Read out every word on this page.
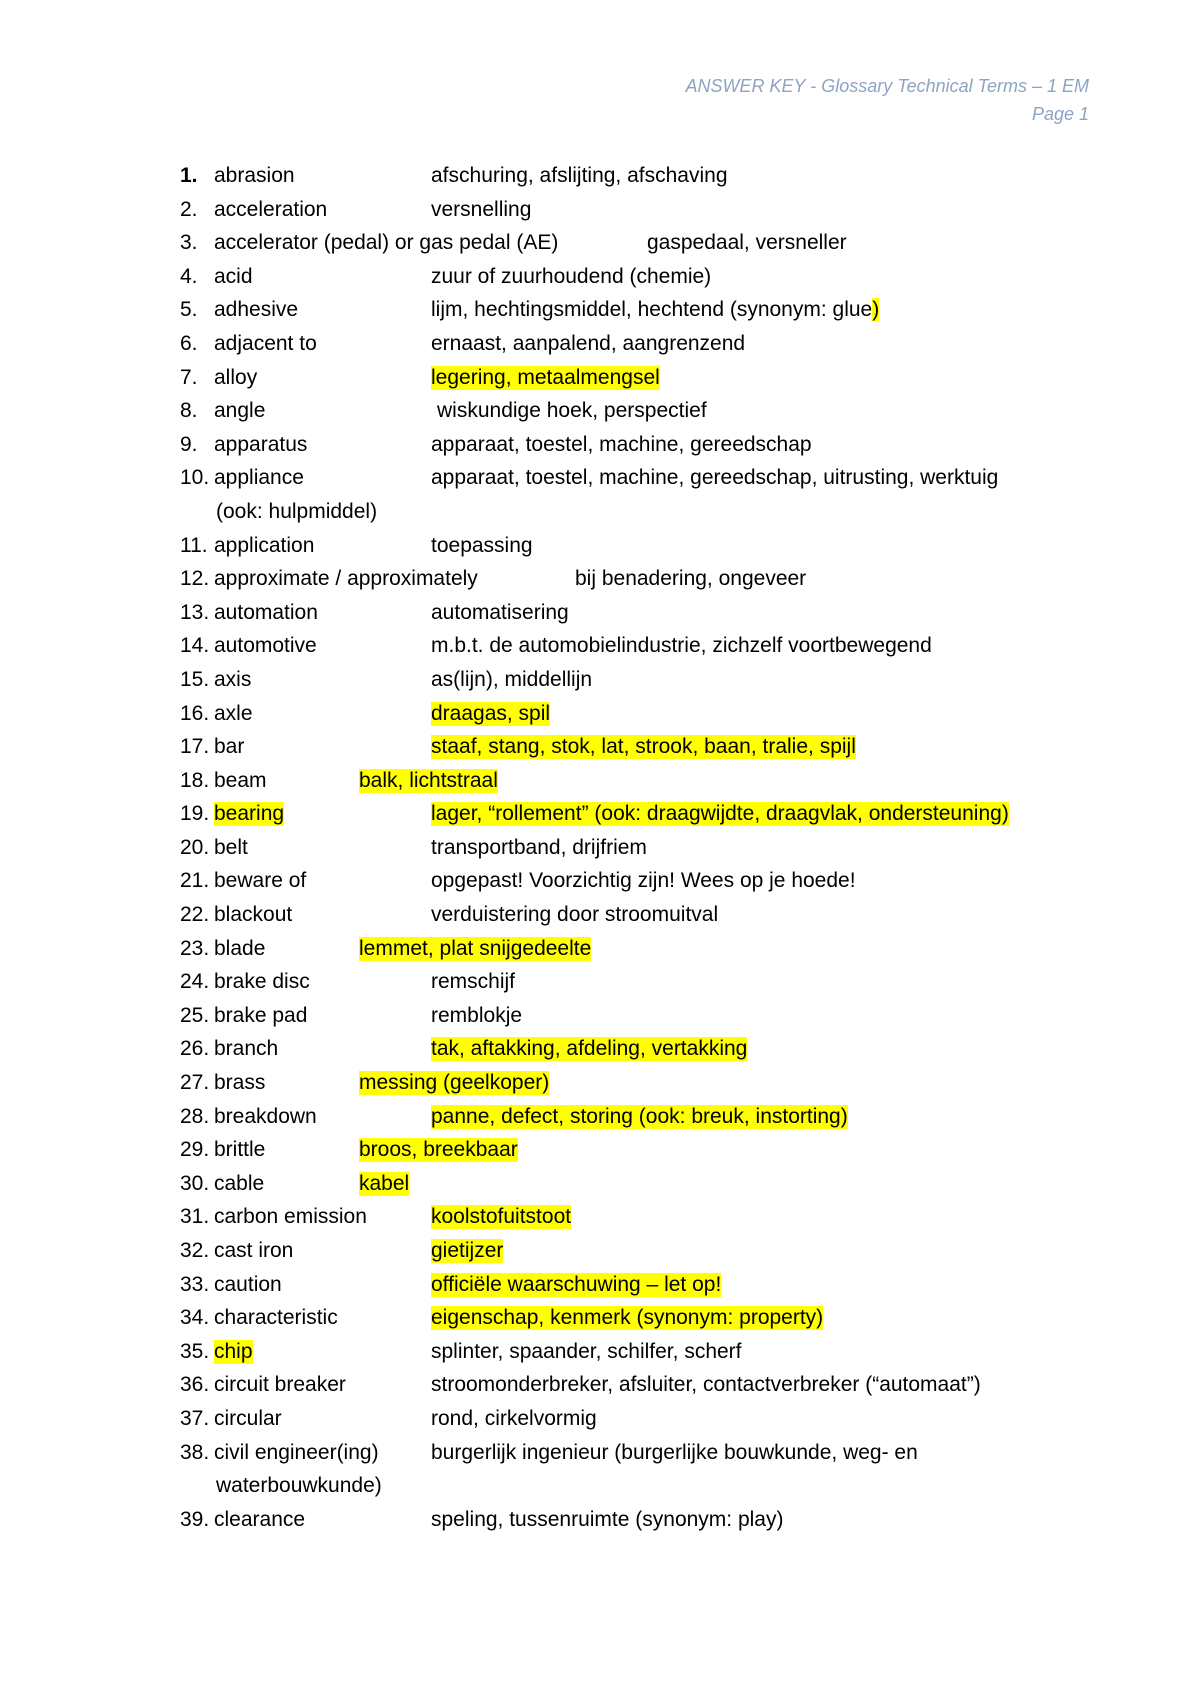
ANSWER KEY - Glossary Technical Terms – 1 EM
Page 1
1. abrasion	afschuring, afslijting, afschaving
2. acceleration	versnelling
3. accelerator (pedal) or gas pedal (AE)	gaspedaal, versneller
4. acid	zuur of zuurhoudend (chemie)
5. adhesive	lijm, hechtingsmiddel, hechtend (synonym: glue)
6. adjacent to	ernaast, aanpalend, aangrenzend
7. alloy	legering, metaalmengsel
8. angle	wiskundige hoek, perspectief
9. apparatus	apparaat, toestel, machine, gereedschap
10. appliance	apparaat, toestel, machine, gereedschap, uitrusting, werktuig
(ook: hulpmiddel)
11. application	toepassing
12. approximate / approximately	bij benadering, ongeveer
13. automation	automatisering
14. automotive	m.b.t. de automobielindustrie, zichzelf voortbewegend
15. axis	as(lijn), middellijn
16. axle	draagas, spil
17. bar	staaf, stang, stok, lat, strook, baan, tralie, spijl
18. beam	balk, lichtstraal
19. bearing	lager, “rollement” (ook: draagwijdte, draagvlak, ondersteuning)
20. belt	transportband, drijfriem
21. beware of	opgepast! Voorzichtig zijn! Wees op je hoede!
22. blackout	verduistering door stroomuitval
23. blade	lemmet, plat snijgedeelte
24. brake disc	remschijf
25. brake pad	remblokje
26. branch	tak, aftakking, afdeling, vertakking
27. brass	messing (geelkoper)
28. breakdown	panne, defect, storing (ook: breuk, instorting)
29. brittle	broos, breekbaar
30. cable	kabel
31. carbon emission	koolstofuitstoot
32. cast iron	gietijzer
33. caution	officiële waarschuwing – let op!
34. characteristic	eigenschap, kenmerk (synonym: property)
35. chip	splinter, spaander, schilfer, scherf
36. circuit breaker	stroomonderbreker, afsluiter, contactverbreker (“automaat”)
37. circular	rond, cirkelvormig
38. civil engineer(ing) burgerlijk ingenieur (burgerlijke bouwkunde, weg- en
waterbouwkunde)
39. clearance	speling, tussenruimte (synonym: play)
